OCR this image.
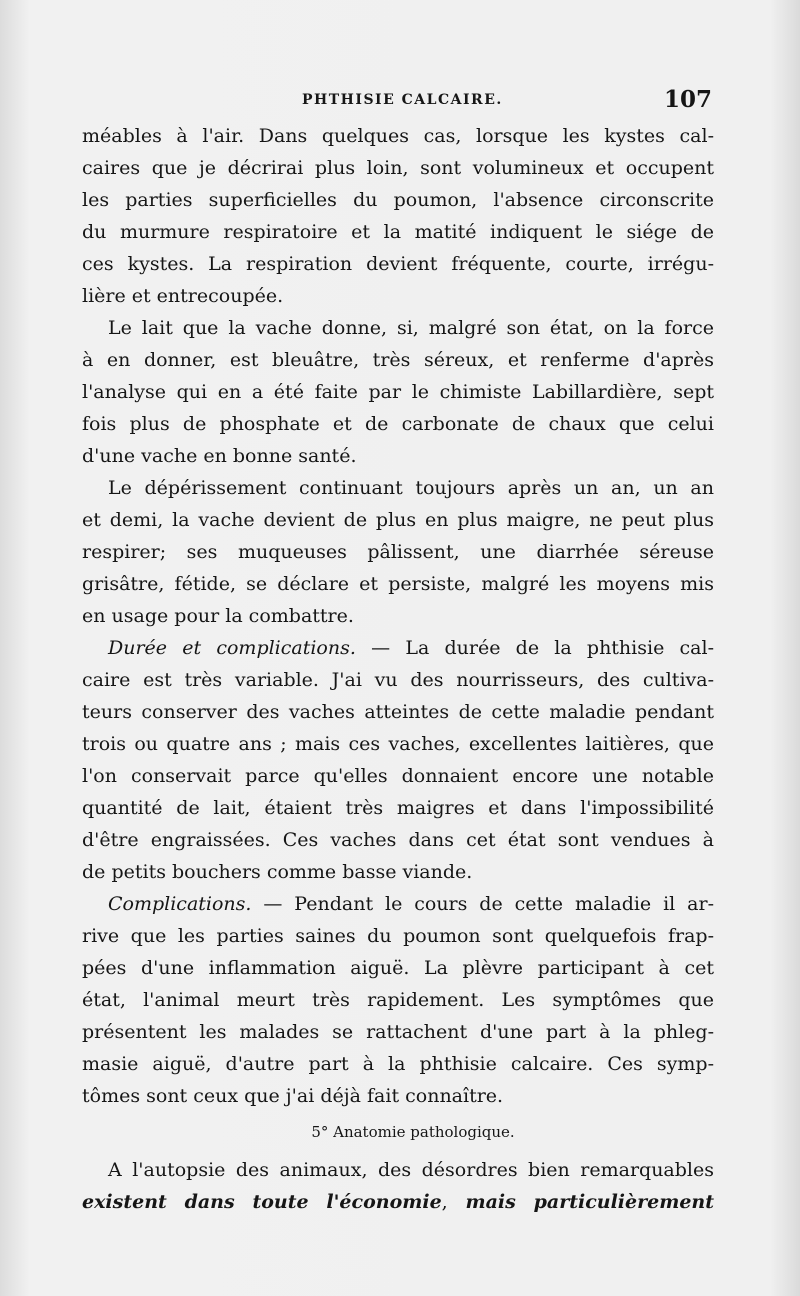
PHTHISIE CALCAIRE.	107
méables à l'air. Dans quelques cas, lorsque les kystes cal-
caires que je décrirai plus loin, sont volumineux et occupent
les parties superficielles du poumon, l'absence circonscrite
du murmure respiratoire et la matité indiquent le siége de
ces kystes. La respiration devient fréquente, courte, irrégu-
lière et entrecoupée.
Le lait que la vache donne, si, malgré son état, on la force
à en donner, est bleuâtre, très séreux, et renferme d'après
l'analyse qui en a été faite par le chimiste Labillardière, sept
fois plus de phosphate et de carbonate de chaux que celui
d'une vache en bonne santé.
Le dépérissement continuant toujours après un an, un an
et demi, la vache devient de plus en plus maigre, ne peut plus
respirer; ses muqueuses pâlissent, une diarrhée séreuse
grisâtre, fétide, se déclare et persiste, malgré les moyens mis
en usage pour la combattre.
Durée et complications. — La durée de la phthisie cal-
caire est très variable. J'ai vu des nourrisseurs, des cultiva-
teurs conserver des vaches atteintes de cette maladie pendant
trois ou quatre ans ; mais ces vaches, excellentes laitières, que
l'on conservait parce qu'elles donnaient encore une notable
quantité de lait, étaient très maigres et dans l'impossibilité
d'être engraissées. Ces vaches dans cet état sont vendues à
de petits bouchers comme basse viande.
Complications. — Pendant le cours de cette maladie il ar-
rive que les parties saines du poumon sont quelquefois frap-
pées d'une inflammation aiguë. La plèvre participant à cet
état, l'animal meurt très rapidement. Les symptômes que
présentent les malades se rattachent d'une part à la phleg-
masie aiguë, d'autre part à la phthisie calcaire. Ces symp-
tômes sont ceux que j'ai déjà fait connaître.
5° Anatomie pathologique.
A l'autopsie des animaux, des désordres bien remarquables
existent dans toute l'économie, mais particulièrement
